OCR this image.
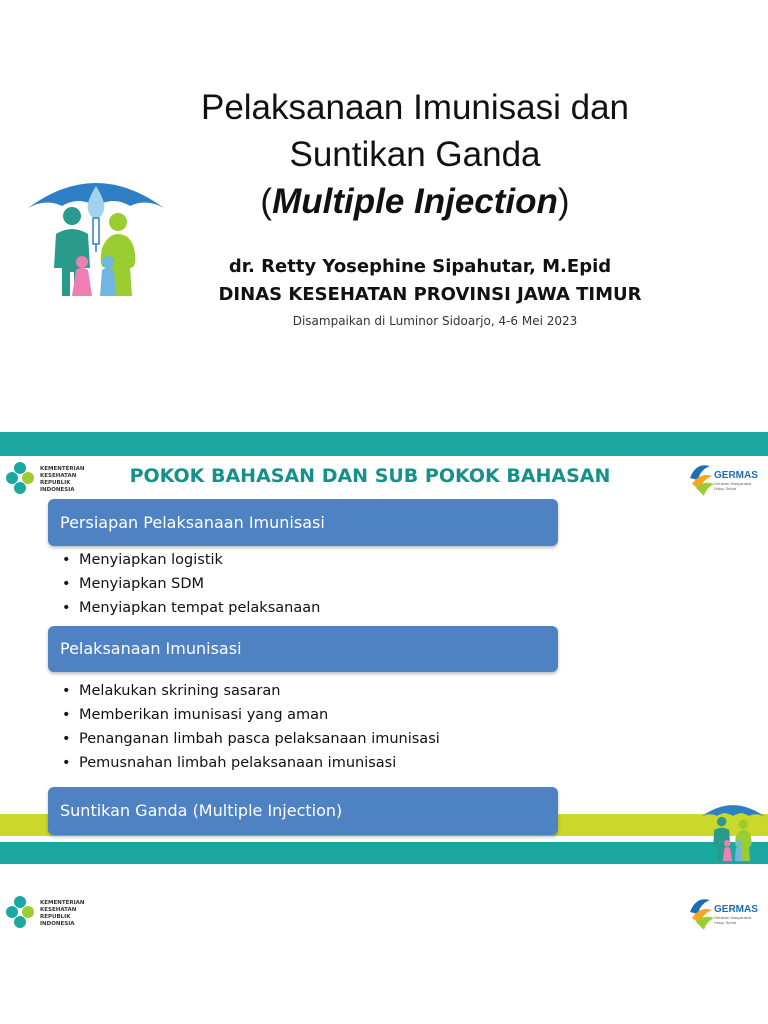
Pelaksanaan Imunisasi dan
Suntikan Ganda
(Multiple Injection)
dr. Retty Yosephine Sipahutar, M.Epid
DINAS KESEHATAN PROVINSI JAWA TIMUR
Disampaikan di Luminor Sidoarjo, 4-6 Mei 2023
KEMENTERIAN
KESEHATAN
REPUBLIK
INDONESIA
POKOK BAHASAN DAN SUB POKOK BAHASAN	GERMAS
Gerakan Masyarakat
Hidup Sehat
Persiapan Pelaksanaan Imunisasi
• Menyiapkan logistik
• Menyiapkan SDM
• Menyiapkan tempat pelaksanaan
Pelaksanaan Imunisasi
• Melakukan skrining sasaran
• Memberikan imunisasi yang aman
• Penanganan limbah pasca pelaksanaan imunisasi
• Pemusnahan limbah pelaksanaan imunisasi
Suntikan Ganda (Multiple Injection)
KEMENTERIAN
KESEHATAN
REPUBLIK
INDONESIA
GERMAS
Gerakan Masyarakat
Hidup Sehat
